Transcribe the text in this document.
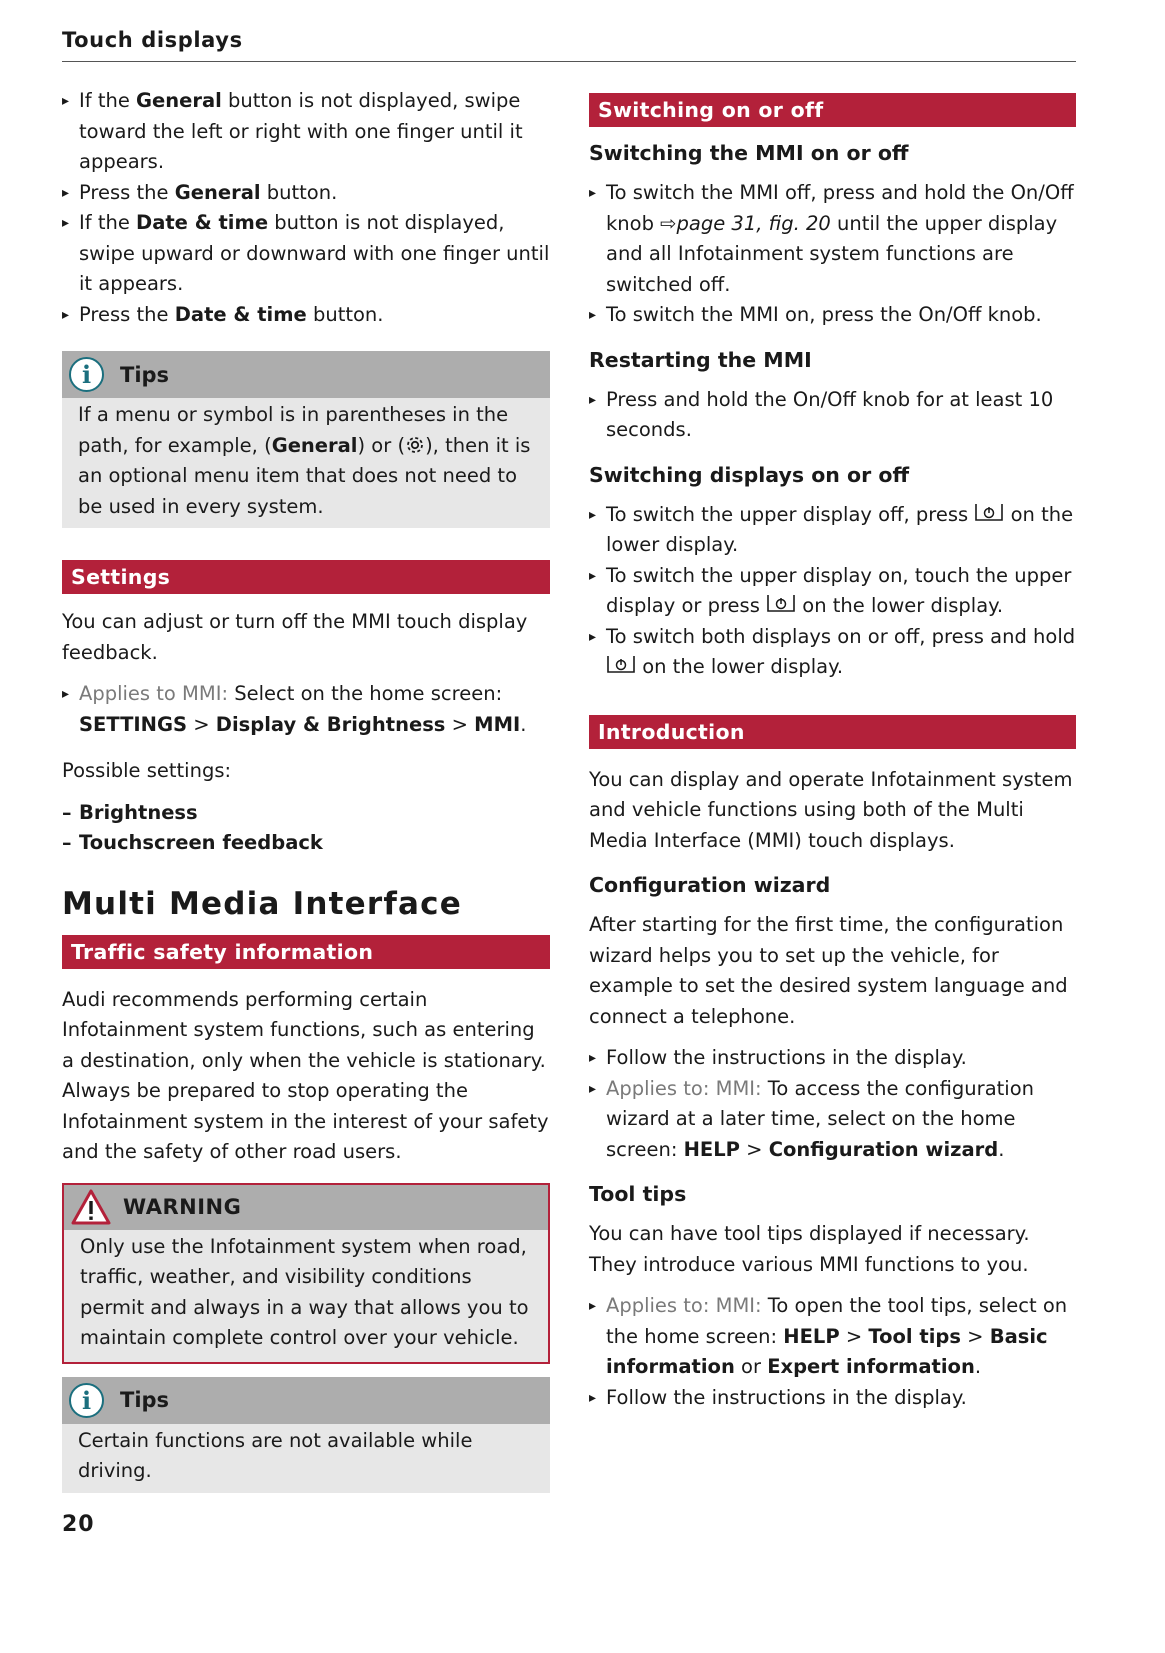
Touch displays
▸ If the General button is not displayed, swipe toward the left or right with one finger until it appears.
▸ Press the General button.
▸ If the Date & time button is not displayed, swipe upward or downward with one finger until it appears.
▸ Press the Date & time button.
i	Tips

If a menu or symbol is in parentheses in the path, for example, (General) or ( ), then it is an optional menu item that does not need to be used in every system.

Settings

You can adjust or turn off the MMI touch display feedback.

▸ Applies to MMI: Select on the home screen:
SETTINGS > Display & Brightness > MMI.

Possible settings:

– Brightness
– Touchscreen feedback
Multi Media Interface
Traffic safety information

Audi recommends performing certain Infotainment system functions, such as entering a destination, only when the vehicle is stationary. Always be prepared to stop operating the Infotainment system in the interest of your safety and the safety of other road users.

WARNING

Only use the Infotainment system when road, traffic, weather, and visibility conditions permit and always in a way that allows you to maintain complete control over your vehicle.

i	Tips

Certain functions are not available while driving.

Switching on or off
Switching the MMI on or off
▸ To switch the MMI off, press and hold the On/Off knob ⇨page 31, fig. 20 until the upper display and all Infotainment system functions are switched off.
▸ To switch the MMI on, press the On/Off knob.
Restarting the MMI
▸ Press and hold the On/Off knob for at least 10 seconds.
Switching displays on or off
▸ To switch the upper display off, press  on the lower display.
▸ To switch the upper display on, touch the upper display or press  on the lower display.
▸ To switch both displays on or off, press and hold  on the lower display.
Introduction

You can display and operate Infotainment system and vehicle functions using both of the Multi Media Interface (MMI) touch displays.

Configuration wizard

After starting for the first time, the configuration wizard helps you to set up the vehicle, for example to set the desired system language and connect a telephone.

▸ Follow the instructions in the display.
▸ Applies to: MMI: To access the configuration wizard at a later time, select on the home screen: HELP > Configuration wizard.
Tool tips

You can have tool tips displayed if necessary. They introduce various MMI functions to you.

▸ Applies to: MMI: To open the tool tips, select on the home screen: HELP > Tool tips > Basic information or Expert information.
▸ Follow the instructions in the display.
20
